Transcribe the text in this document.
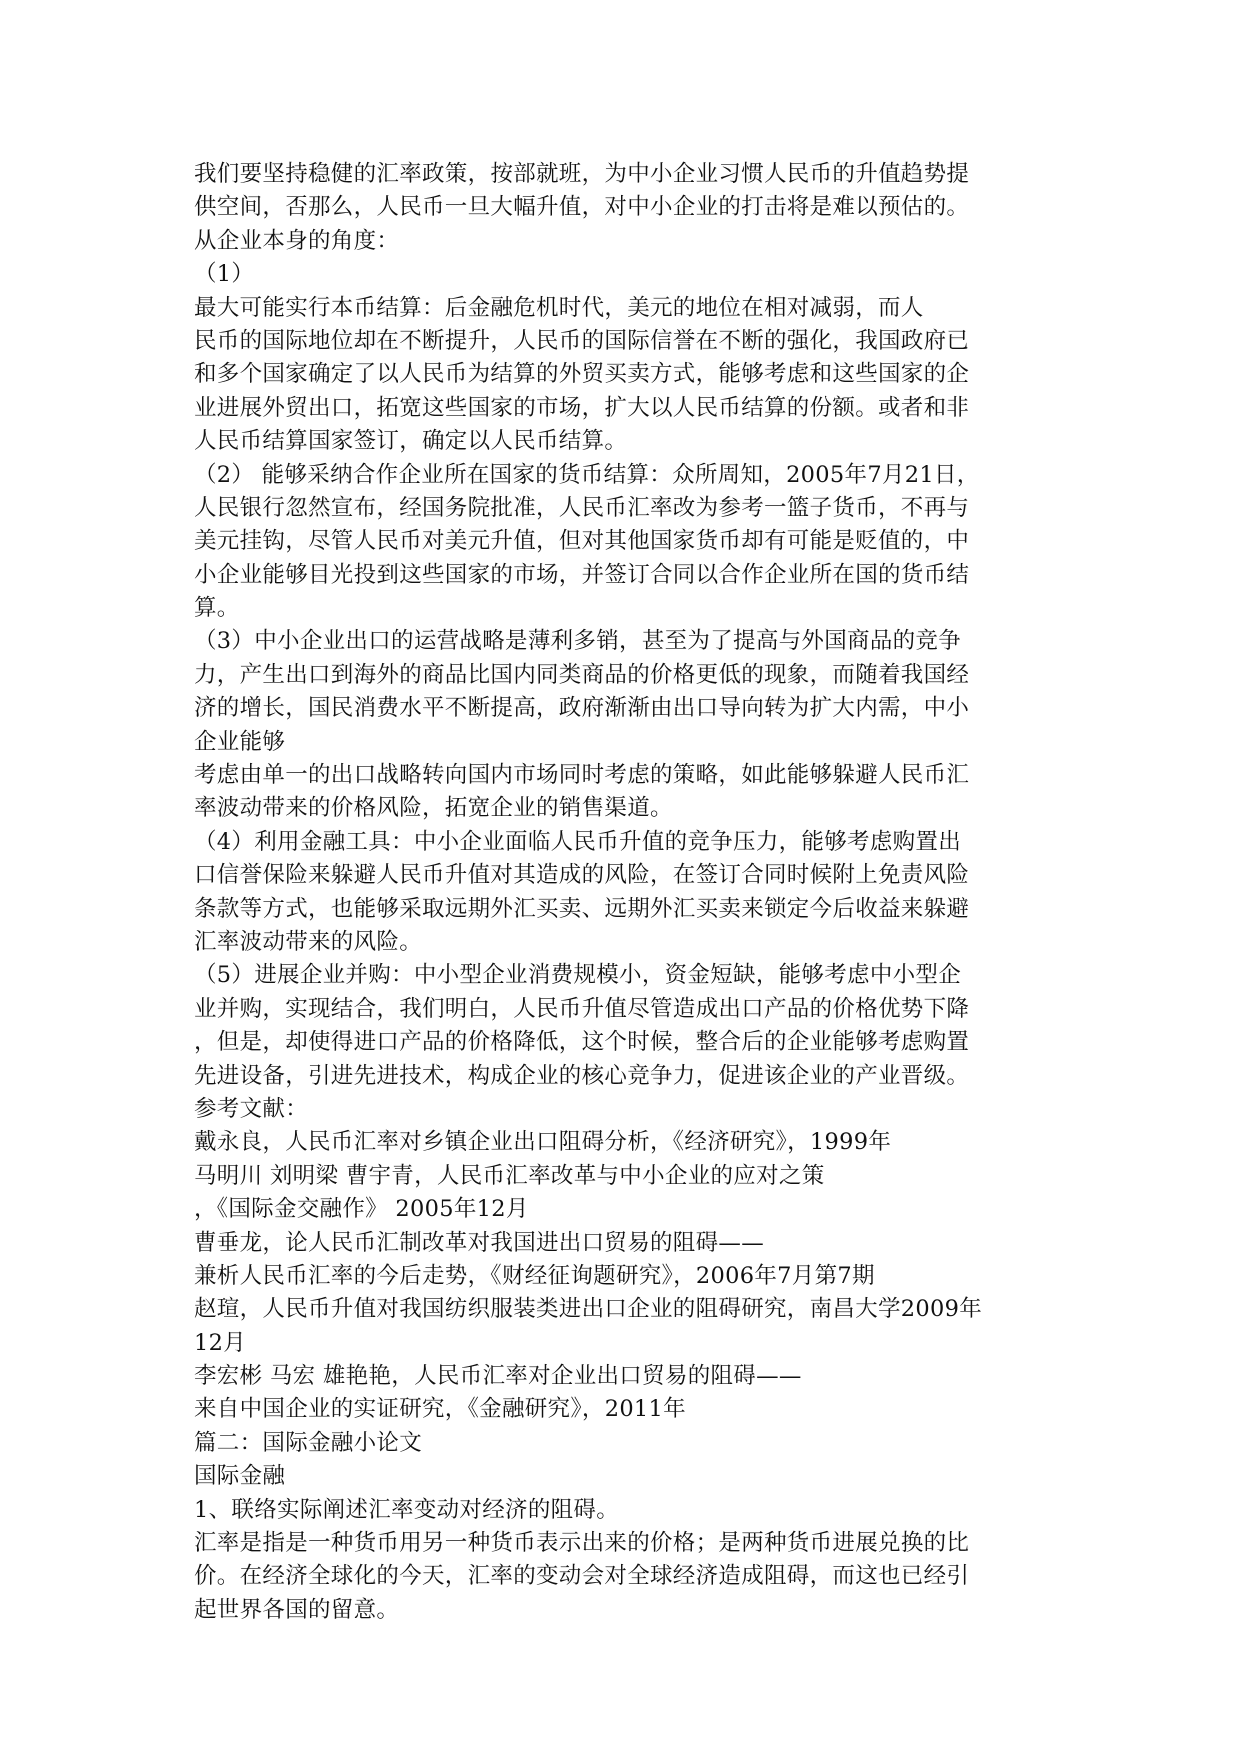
我们要坚持稳健的汇率政策，按部就班，为中小企业习惯人民币的升值趋势提
供空间，否那么，人民币一旦大幅升值，对中小企业的打击将是难以预估的。
从企业本身的角度：
（1）
最大可能实行本币结算：后金融危机时代，美元的地位在相对减弱，而人
民币的国际地位却在不断提升，人民币的国际信誉在不断的强化，我国政府已
和多个国家确定了以人民币为结算的外贸买卖方式，能够考虑和这些国家的企
业进展外贸出口，拓宽这些国家的市场，扩大以人民币结算的份额。或者和非
人民币结算国家签订，确定以人民币结算。
（2） 能够采纳合作企业所在国家的货币结算：众所周知，2005年7月21日，
人民银行忽然宣布，经国务院批准，人民币汇率改为参考一篮子货币，不再与
美元挂钩，尽管人民币对美元升值，但对其他国家货币却有可能是贬值的，中
小企业能够目光投到这些国家的市场，并签订合同以合作企业所在国的货币结
算。
（3）中小企业出口的运营战略是薄利多销，甚至为了提高与外国商品的竞争
力，产生出口到海外的商品比国内同类商品的价格更低的现象，而随着我国经
济的增长，国民消费水平不断提高，政府渐渐由出口导向转为扩大内需，中小
企业能够
考虑由单一的出口战略转向国内市场同时考虑的策略，如此能够躲避人民币汇
率波动带来的价格风险，拓宽企业的销售渠道。
（4）利用金融工具：中小企业面临人民币升值的竞争压力，能够考虑购置出
口信誉保险来躲避人民币升值对其造成的风险，在签订合同时候附上免责风险
条款等方式，也能够采取远期外汇买卖、远期外汇买卖来锁定今后收益来躲避
汇率波动带来的风险。
（5）进展企业并购：中小型企业消费规模小，资金短缺，能够考虑中小型企
业并购，实现结合，我们明白，人民币升值尽管造成出口产品的价格优势下降
，但是，却使得进口产品的价格降低，这个时候，整合后的企业能够考虑购置
先进设备，引进先进技术，构成企业的核心竞争力，促进该企业的产业晋级。
参考文献：
戴永良，人民币汇率对乡镇企业出口阻碍分析，《经济研究》，1999年
马明川 刘明梁 曹宇青，人民币汇率改革与中小企业的应对之策
，《国际金交融作》 2005年12月
曹垂龙，论人民币汇制改革对我国进出口贸易的阻碍——
兼析人民币汇率的今后走势，《财经征询题研究》，2006年7月第7期
赵瑄，人民币升值对我国纺织服装类进出口企业的阻碍研究，南昌大学2009年
12月
李宏彬 马宏 雄艳艳，人民币汇率对企业出口贸易的阻碍——
来自中国企业的实证研究，《金融研究》，2011年
篇二：国际金融小论文
国际金融
1、联络实际阐述汇率变动对经济的阻碍。
汇率是指是一种货币用另一种货币表示出来的价格；是两种货币进展兑换的比
价。在经济全球化的今天，汇率的变动会对全球经济造成阻碍，而这也已经引
起世界各国的留意。
